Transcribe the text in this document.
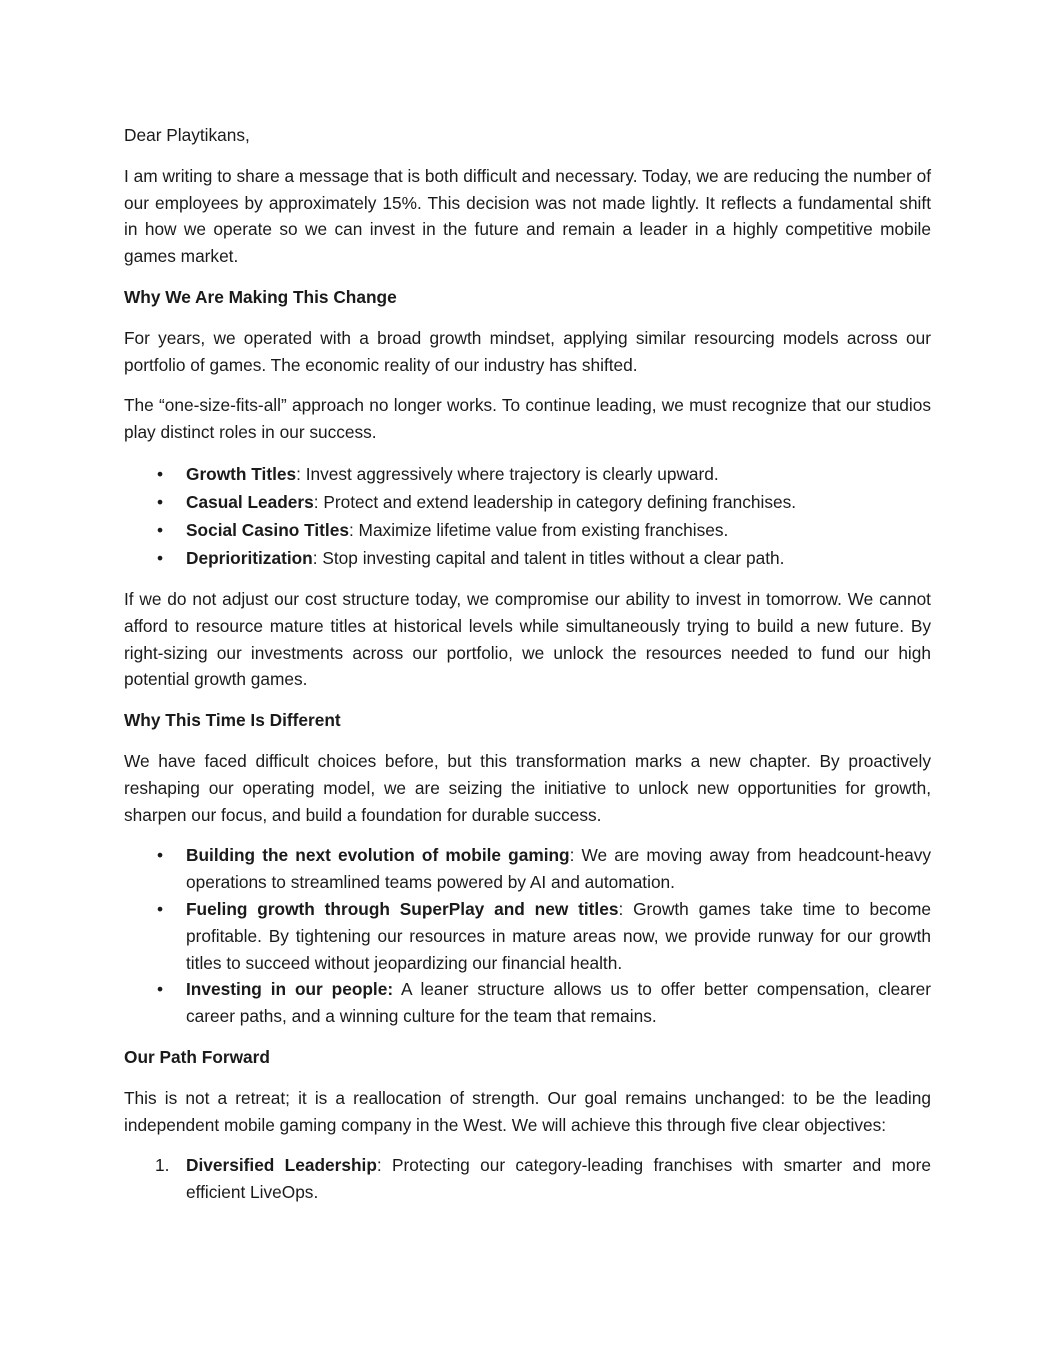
Dear Playtikans,

I am writing to share a message that is both difficult and necessary. Today, we are reducing the number of our employees by approximately 15%. This decision was not made lightly. It reflects a fundamental shift in how we operate so we can invest in the future and remain a leader in a highly competitive mobile games market.

Why We Are Making This Change

For years, we operated with a broad growth mindset, applying similar resourcing models across our portfolio of games. The economic reality of our industry has shifted.

The “one-size-fits-all” approach no longer works. To continue leading, we must recognize that our studios play distinct roles in our success.

• Growth Titles: Invest aggressively where trajectory is clearly upward.
• Casual Leaders: Protect and extend leadership in category defining franchises.
• Social Casino Titles: Maximize lifetime value from existing franchises.
• Deprioritization: Stop investing capital and talent in titles without a clear path.

If we do not adjust our cost structure today, we compromise our ability to invest in tomorrow. We cannot afford to resource mature titles at historical levels while simultaneously trying to build a new future. By right-sizing our investments across our portfolio, we unlock the resources needed to fund our high potential growth games.

Why This Time Is Different

We have faced difficult choices before, but this transformation marks a new chapter. By proactively reshaping our operating model, we are seizing the initiative to unlock new opportunities for growth, sharpen our focus, and build a foundation for durable success.

• Building the next evolution of mobile gaming: We are moving away from headcount-heavy operations to streamlined teams powered by AI and automation.
• Fueling growth through SuperPlay and new titles: Growth games take time to become profitable. By tightening our resources in mature areas now, we provide runway for our growth titles to succeed without jeopardizing our financial health.
• Investing in our people: A leaner structure allows us to offer better compensation, clearer career paths, and a winning culture for the team that remains.

Our Path Forward

This is not a retreat; it is a reallocation of strength. Our goal remains unchanged: to be the leading independent mobile gaming company in the West. We will achieve this through five clear objectives:

1. Diversified Leadership: Protecting our category-leading franchises with smarter and more efficient LiveOps.
